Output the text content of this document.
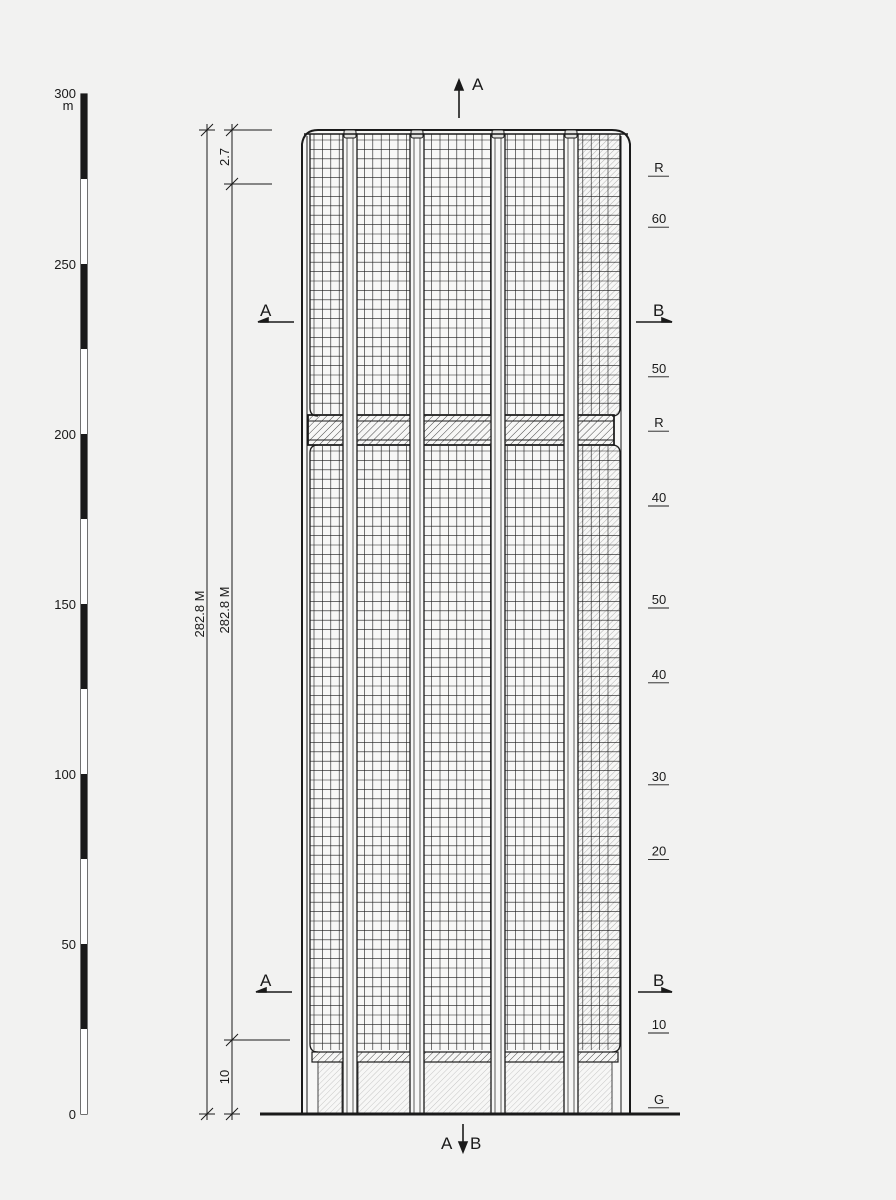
m
0
50
100
150
200
250
300
282.8 M 282.8 M
2.7
10
A
A	B
A	B
A B
R
60
50
R
40
50
40
30
20
10
G
